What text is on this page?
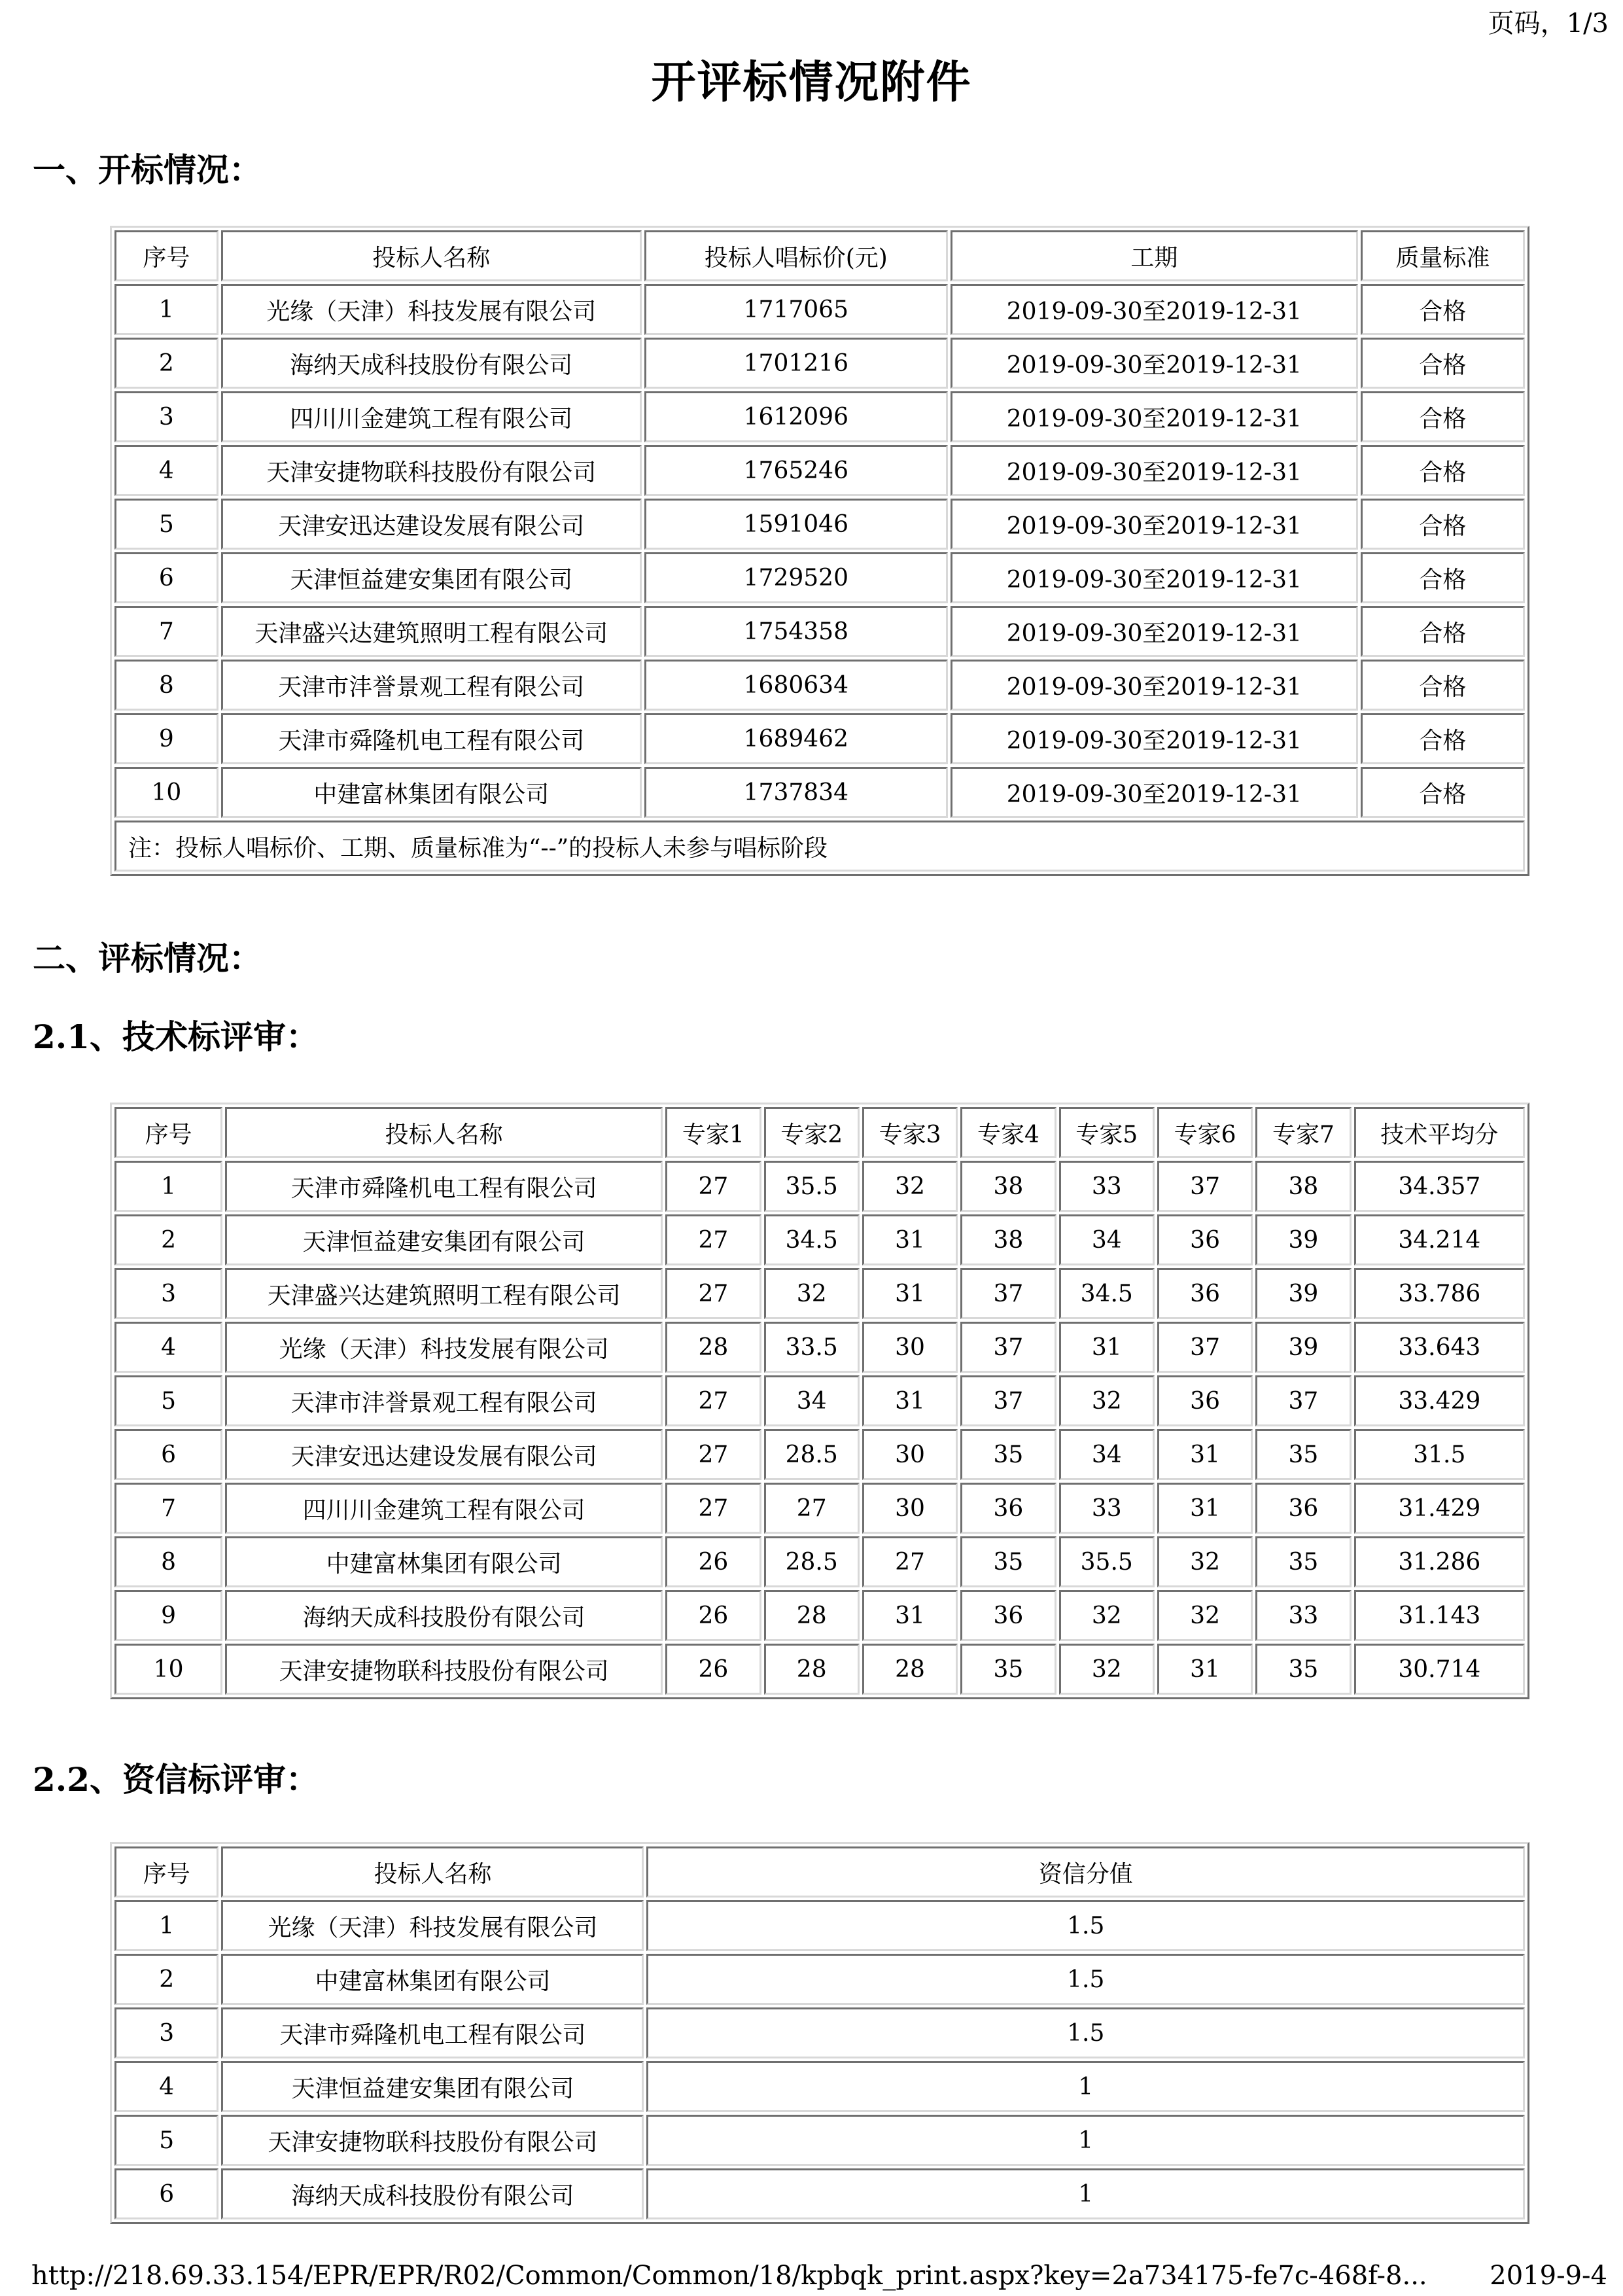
页码，1/3
开评标情况附件
一、开标情况：
序号	投标人名称	投标人唱标价(元)	工期	质量标准
1	光缘（天津）科技发展有限公司	1717065	2019-09-30至2019-12-31	合格
2	海纳天成科技股份有限公司	1701216	2019-09-30至2019-12-31	合格
3	四川川金建筑工程有限公司	1612096	2019-09-30至2019-12-31	合格
4	天津安捷物联科技股份有限公司	1765246	2019-09-30至2019-12-31	合格
5	天津安迅达建设发展有限公司	1591046	2019-09-30至2019-12-31	合格
6	天津恒益建安集团有限公司	1729520	2019-09-30至2019-12-31	合格
7	天津盛兴达建筑照明工程有限公司	1754358	2019-09-30至2019-12-31	合格
8	天津市沣誉景观工程有限公司	1680634	2019-09-30至2019-12-31	合格
9	天津市舜隆机电工程有限公司	1689462	2019-09-30至2019-12-31	合格
10	中建富林集团有限公司	1737834	2019-09-30至2019-12-31	合格
注：投标人唱标价、工期、质量标准为“--”的投标人未参与唱标阶段				
二、评标情况：
2.1、技术标评审：
序号	投标人名称	专家1	专家2	专家3	专家4	专家5	专家6	专家7	技术平均分
1	天津市舜隆机电工程有限公司	27	35.5	32	38	33	37	38	34.357
2	天津恒益建安集团有限公司	27	34.5	31	38	34	36	39	34.214
3	天津盛兴达建筑照明工程有限公司	27	32	31	37	34.5	36	39	33.786
4	光缘（天津）科技发展有限公司	28	33.5	30	37	31	37	39	33.643
5	天津市沣誉景观工程有限公司	27	34	31	37	32	36	37	33.429
6	天津安迅达建设发展有限公司	27	28.5	30	35	34	31	35	31.5
7	四川川金建筑工程有限公司	27	27	30	36	33	31	36	31.429
8	中建富林集团有限公司	26	28.5	27	35	35.5	32	35	31.286
9	海纳天成科技股份有限公司	26	28	31	36	32	32	33	31.143
10	天津安捷物联科技股份有限公司	26	28	28	35	32	31	35	30.714
2.2、资信标评审：
序号	投标人名称	资信分值
1	光缘（天津）科技发展有限公司	1.5
2	中建富林集团有限公司	1.5
3	天津市舜隆机电工程有限公司	1.5
4	天津恒益建安集团有限公司	1
5	天津安捷物联科技股份有限公司	1
6	海纳天成科技股份有限公司	1
http://218.69.33.154/EPR/EPR/R02/Common/Common/18/kpbqk_print.aspx?key=2a734175-fe7c-468f-8... 2019-9-4
